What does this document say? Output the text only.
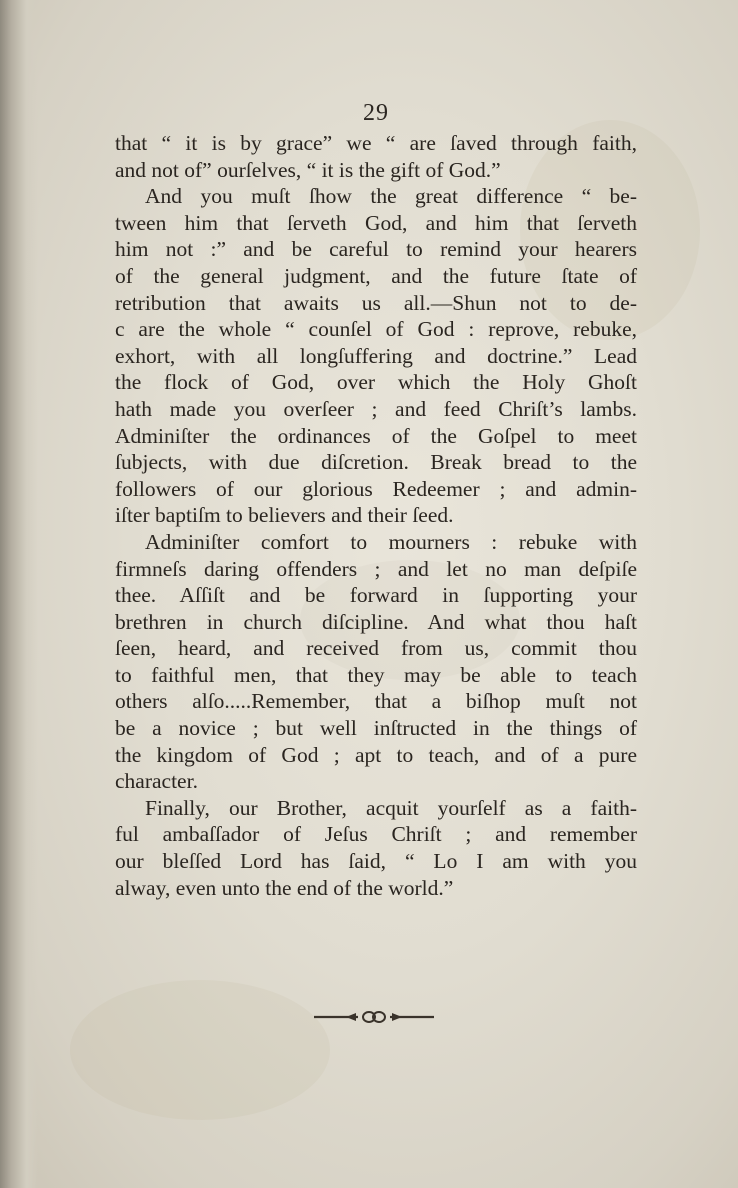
29
that “ it is by grace” we “ are ſaved through faith,
and not of” ourſelves, “ it is the gift of God.”
And you muſt ſhow the great difference “ be-
tween him that ſerveth God, and him that ſerveth
him not :” and be careful to remind your hearers
of the general judgment, and the future ſtate of
retribution that awaits us all.—Shun not to de-
c are the whole “ counſel of God : reprove, rebuke,
exhort, with all longſuffering and doctrine.” Lead
the flock of God, over which the Holy Ghoſt
hath made you overſeer ; and feed Chriſt’s lambs.
Adminiſter the ordinances of the Goſpel to meet
ſubjects, with due diſcretion. Break bread to the
followers of our glorious Redeemer ; and admin-
iſter baptiſm to believers and their ſeed.
Adminiſter comfort to mourners : rebuke with
firmneſs daring offenders ; and let no man deſpiſe
thee. Aſſiſt and be forward in ſupporting your
brethren in church diſcipline. And what thou haſt
ſeen, heard, and received from us, commit thou
to faithful men, that they may be able to teach
others alſo.....Remember, that a biſhop muſt not
be a novice ; but well inſtructed in the things of
the kingdom of God ; apt to teach, and of a pure
character.
Finally, our Brother, acquit yourſelf as a faith-
ful ambaſſador of Jeſus Chriſt ; and remember
our bleſſed Lord has ſaid, “ Lo I am with you
alway, even unto the end of the world.”
